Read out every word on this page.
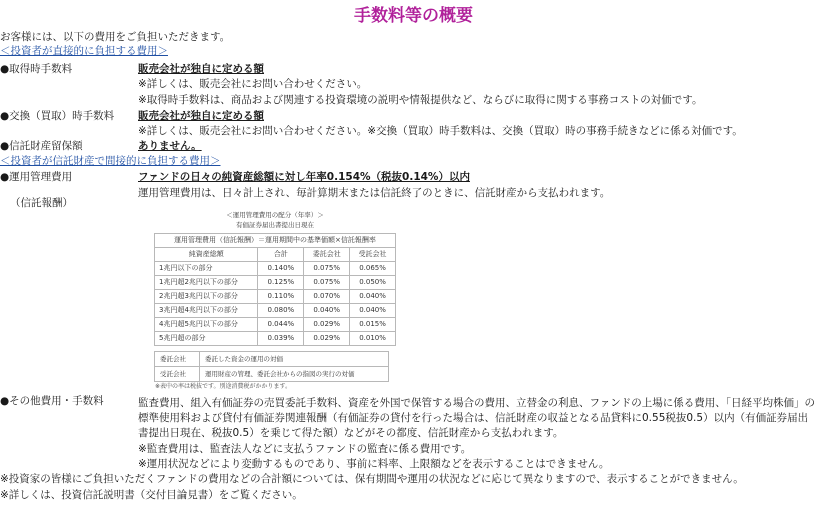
手数料等の概要
お客様には、以下の費用をご負担いただきます。
＜投資者が直接的に負担する費用＞
●取得時手数料	販売会社が独自に定める額
※詳しくは、販売会社にお問い合わせください。
※取得時手数料は、商品および関連する投資環境の説明や情報提供など、ならびに取得に関する事務コストの対価です。
●交換（買取）時手数料 販売会社が独自に定める額
※詳しくは、販売会社にお問い合わせください。※交換（買取）時手数料は、交換（買取）時の事務手続きなどに係る対価です。
●信託財産留保額	ありません。
＜投資者が信託財産で間接的に負担する費用＞
●運用管理費用	ファンドの日々の純資産総額に対し年率0.154%（税抜0.14%）以内
運用管理費用は、日々計上され、毎計算期末または信託終了のときに、信託財産から支払われます。
（信託報酬）
＜運用管理費用の配分（年率）＞
有価証券届出書提出日現在
運用管理費用（信託報酬）＝運用期間中の基準価額×信託報酬率			
純資産総額	合計	委託会社	受託会社
1兆円以下の部分	0.140%	0.075%	0.065%
1兆円超2兆円以下の部分	0.125%	0.075%	0.050%
2兆円超3兆円以下の部分	0.110%	0.070%	0.040%
3兆円超4兆円以下の部分	0.080%	0.040%	0.040%
4兆円超5兆円以下の部分	0.044%	0.029%	0.015%
5兆円超の部分	0.039%	0.029%	0.010%
委託会社	委託した資金の運用の対価
受託会社	運用財産の管理、委託会社からの指図の実行の対価
※表中の率は税抜です。別途消費税がかかります。
●その他費用・手数料	監査費用、組入有価証券の売買委託手数料、資産を外国で保管する場合の費用、立替金の利息、ファンドの上場に係る費用、「日経平均株価」の標準使用料および貸付有価証券関連報酬（有価証券の貸付を行った場合は、信託財産の収益となる品貸料に0.55税抜0.5）以内（有価証券届出書提出日現在、税抜0.5）を乗じて得た額）などがその都度、信託財産から支払われます。
※監査費用は、監査法人などに支払うファンドの監査に係る費用です。
※運用状況などにより変動するものであり、事前に料率、上限額などを表示することはできません。
※投資家の皆様にご負担いただくファンドの費用などの合計額については、保有期間や運用の状況などに応じて異なりますので、表示することができません。
※詳しくは、投資信託説明書（交付目論見書）をご覧ください。
